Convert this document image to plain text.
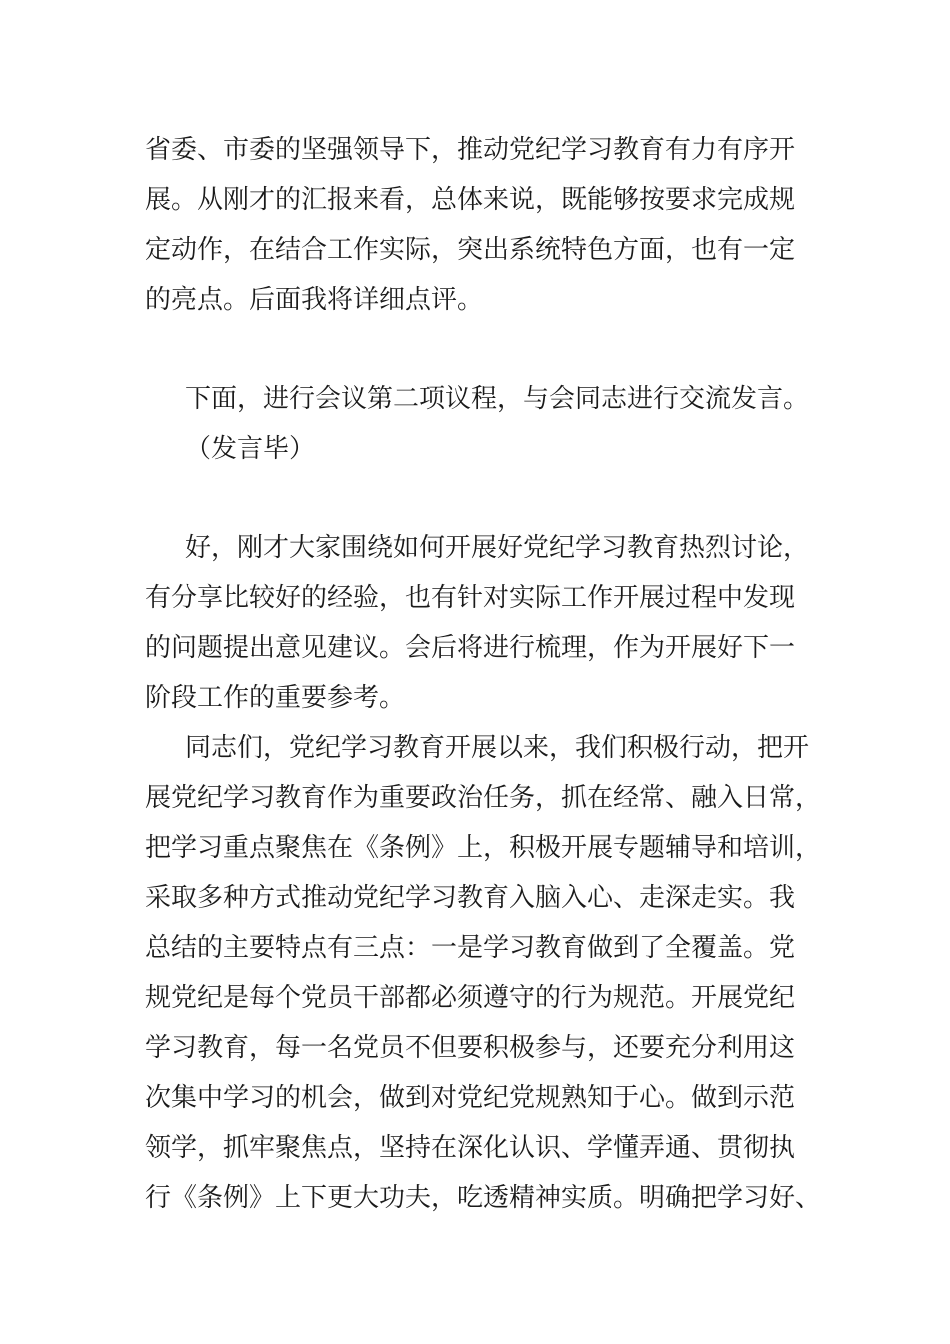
省委、市委的坚强领导下，推动党纪学习教育有力有序开
展。从刚才的汇报来看，总体来说，既能够按要求完成规
定动作，在结合工作实际，突出系统特色方面，也有一定
的亮点。后面我将详细点评。
下面，进行会议第二项议程，与会同志进行交流发言。
（发言毕）
好，刚才大家围绕如何开展好党纪学习教育热烈讨论，
有分享比较好的经验，也有针对实际工作开展过程中发现
的问题提出意见建议。会后将进行梳理，作为开展好下一
阶段工作的重要参考。
同志们，党纪学习教育开展以来，我们积极行动，把开
展党纪学习教育作为重要政治任务，抓在经常、融入日常，
把学习重点聚焦在《条例》上，积极开展专题辅导和培训，
采取多种方式推动党纪学习教育入脑入心、走深走实。我
总结的主要特点有三点：一是学习教育做到了全覆盖。党
规党纪是每个党员干部都必须遵守的行为规范。开展党纪
学习教育，每一名党员不但要积极参与，还要充分利用这
次集中学习的机会，做到对党纪党规熟知于心。做到示范
领学，抓牢聚焦点，坚持在深化认识、学懂弄通、贯彻执
行《条例》上下更大功夫，吃透精神实质。明确把学习好、
